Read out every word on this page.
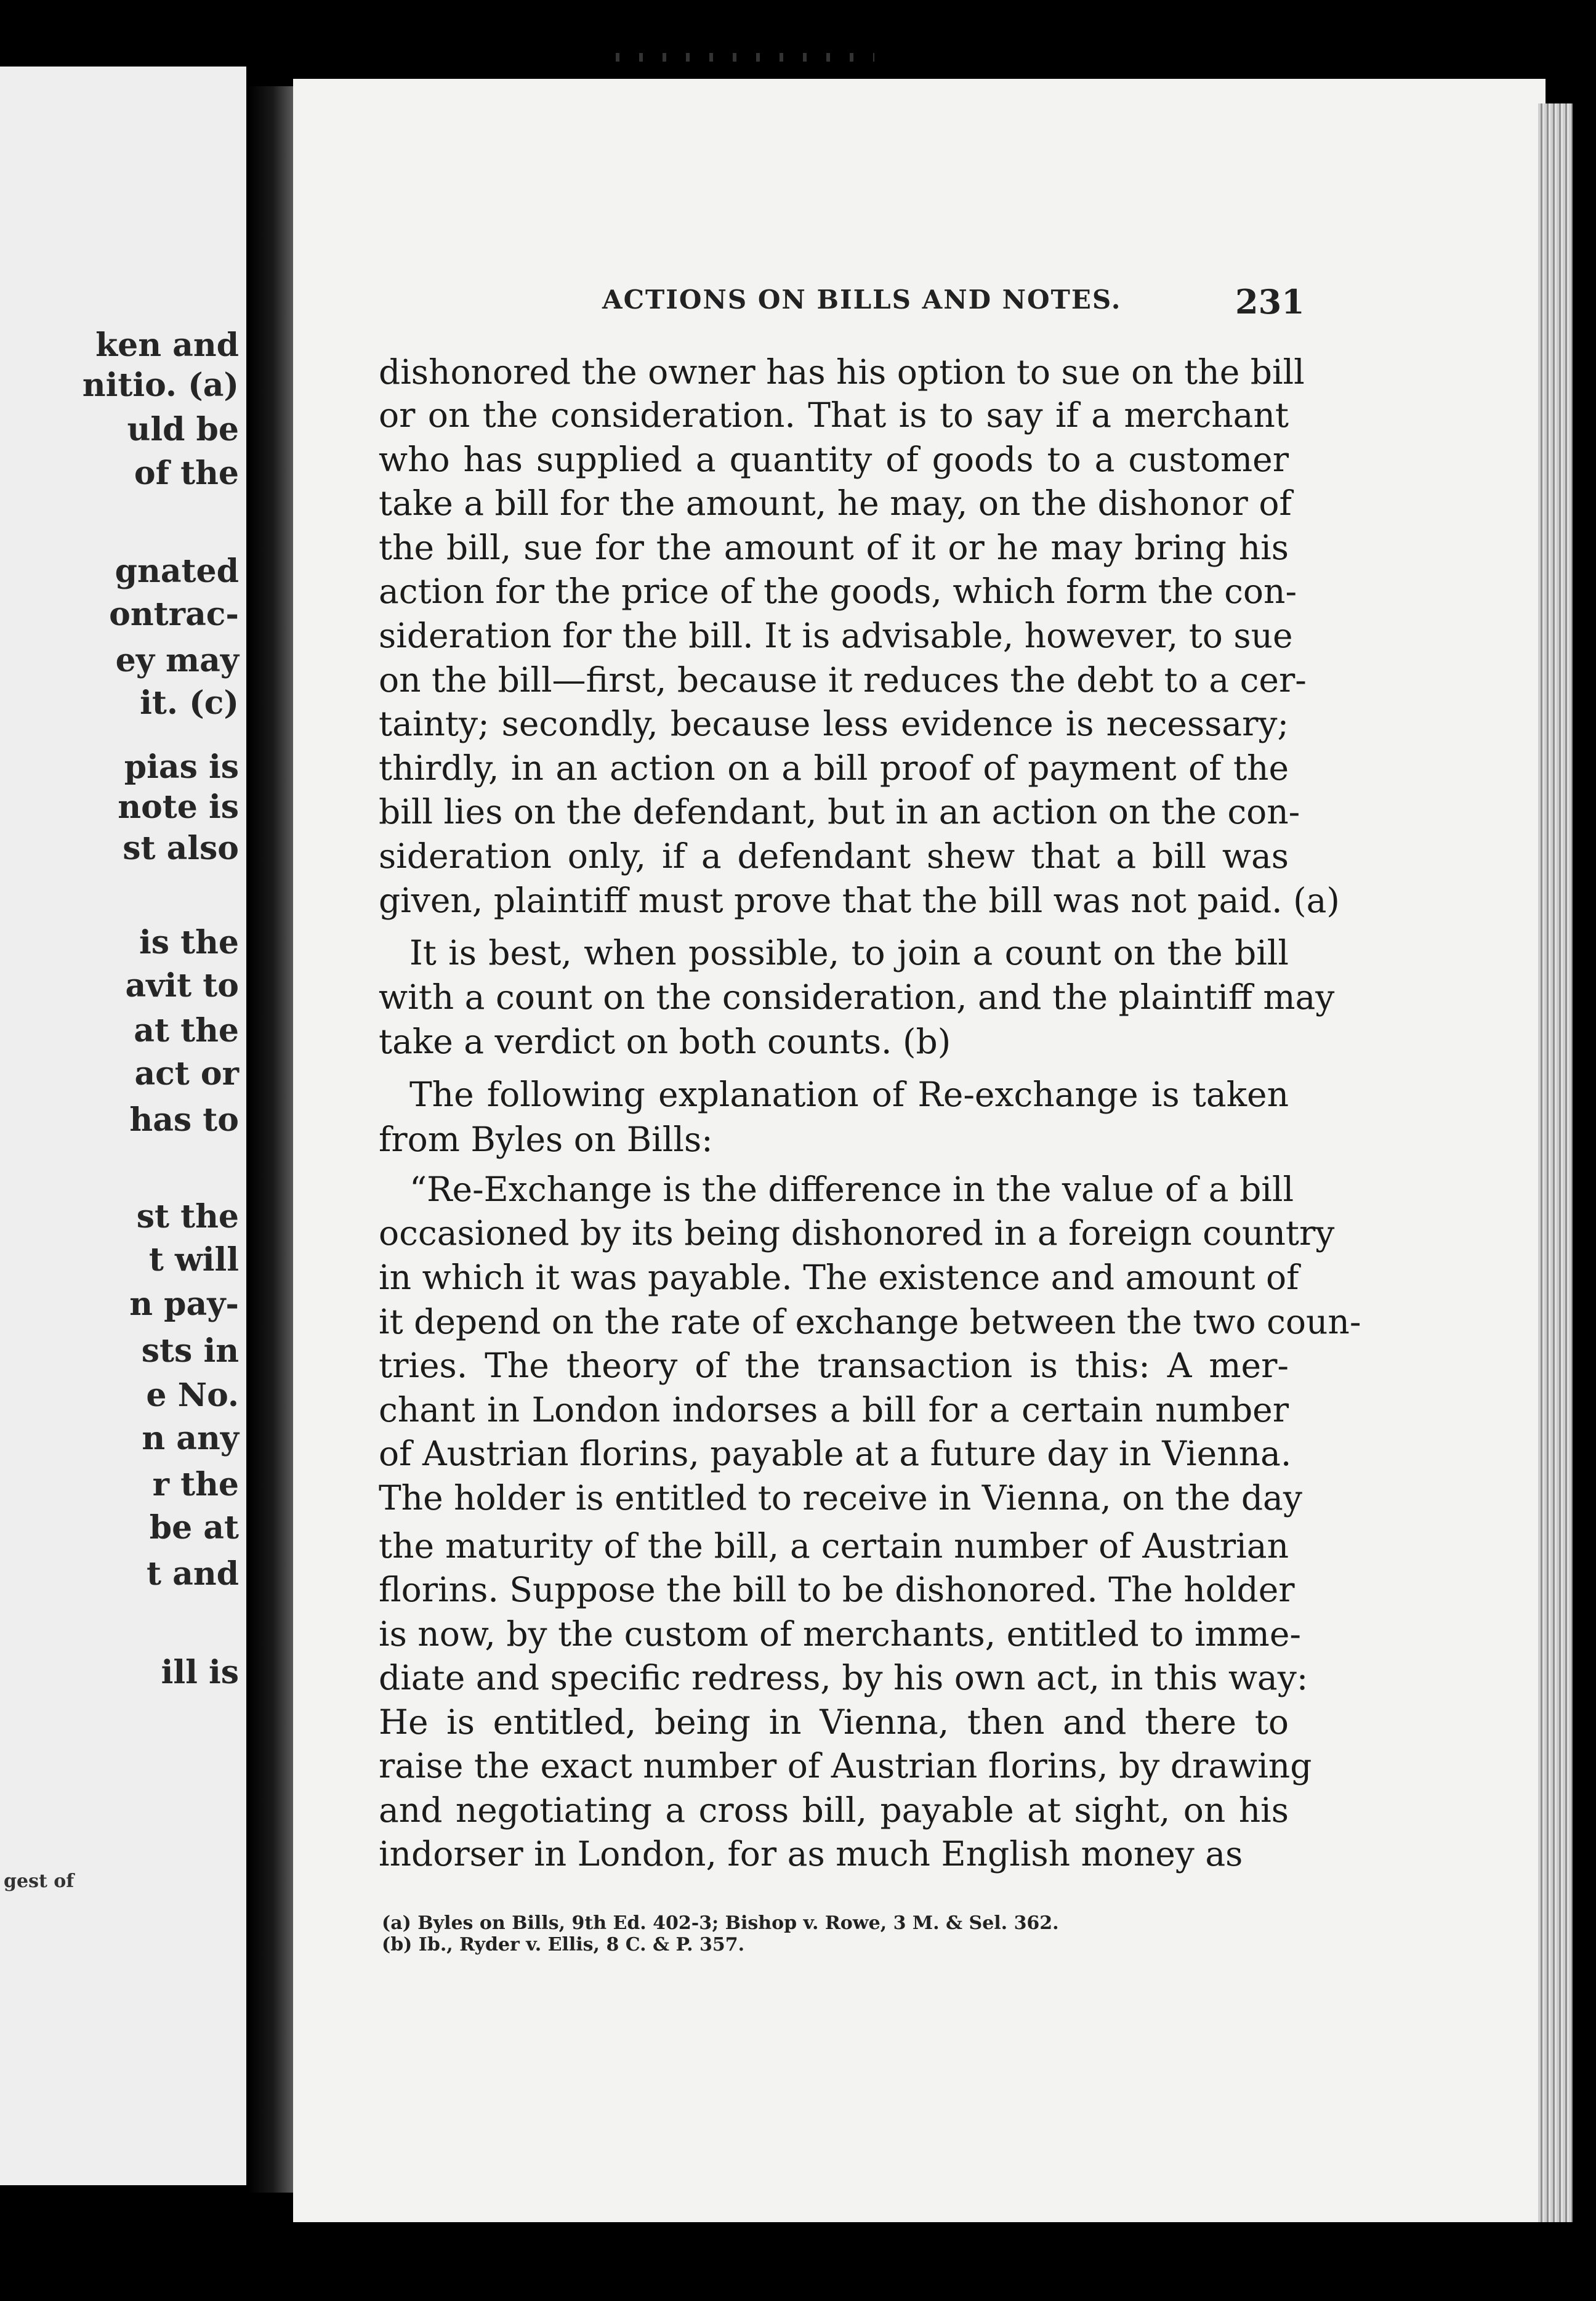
ken and
nitio. (a)
uld be
of the
gnated
ontrac-
ey may
it. (c)
pias is
note is
st also
is the
avit to
at the
act or
has to
st the
t will
n pay-
sts in
e No.
n any
r the
be at
t and
ill is
gest of
ACTIONS ON BILLS AND NOTES.	231
dishonored the owner has his option to sue on the bill
or on the consideration. That is to say if a merchant
who has supplied a quantity of goods to a customer
take a bill for the amount, he may, on the dishonor of
the bill, sue for the amount of it or he may bring his
action for the price of the goods, which form the con-
sideration for the bill. It is advisable, however, to sue
on the bill—first, because it reduces the debt to a cer-
tainty; secondly, because less evidence is necessary;
thirdly, in an action on a bill proof of payment of the
bill lies on the defendant, but in an action on the con-
sideration only, if a defendant shew that a bill was
given, plaintiff must prove that the bill was not paid. (a)
It is best, when possible, to join a count on the bill
with a count on the consideration, and the plaintiff may
take a verdict on both counts. (b)
The following explanation of Re-exchange is taken
from Byles on Bills:
“Re-Exchange is the difference in the value of a bill
occasioned by its being dishonored in a foreign country
in which it was payable. The existence and amount of
it depend on the rate of exchange between the two coun-
tries. The theory of the transaction is this: A mer-
chant in London indorses a bill for a certain number
of Austrian florins, payable at a future day in Vienna.
The holder is entitled to receive in Vienna, on the day
the maturity of the bill, a certain number of Austrian
florins. Suppose the bill to be dishonored. The holder
is now, by the custom of merchants, entitled to imme-
diate and specific redress, by his own act, in this way:
He is entitled, being in Vienna, then and there to
raise the exact number of Austrian florins, by drawing
and negotiating a cross bill, payable at sight, on his
indorser in London, for as much English money as
(a) Byles on Bills, 9th Ed. 402-3; Bishop v. Rowe, 3 M. & Sel. 362.
(b) Ib., Ryder v. Ellis, 8 C. & P. 357.
